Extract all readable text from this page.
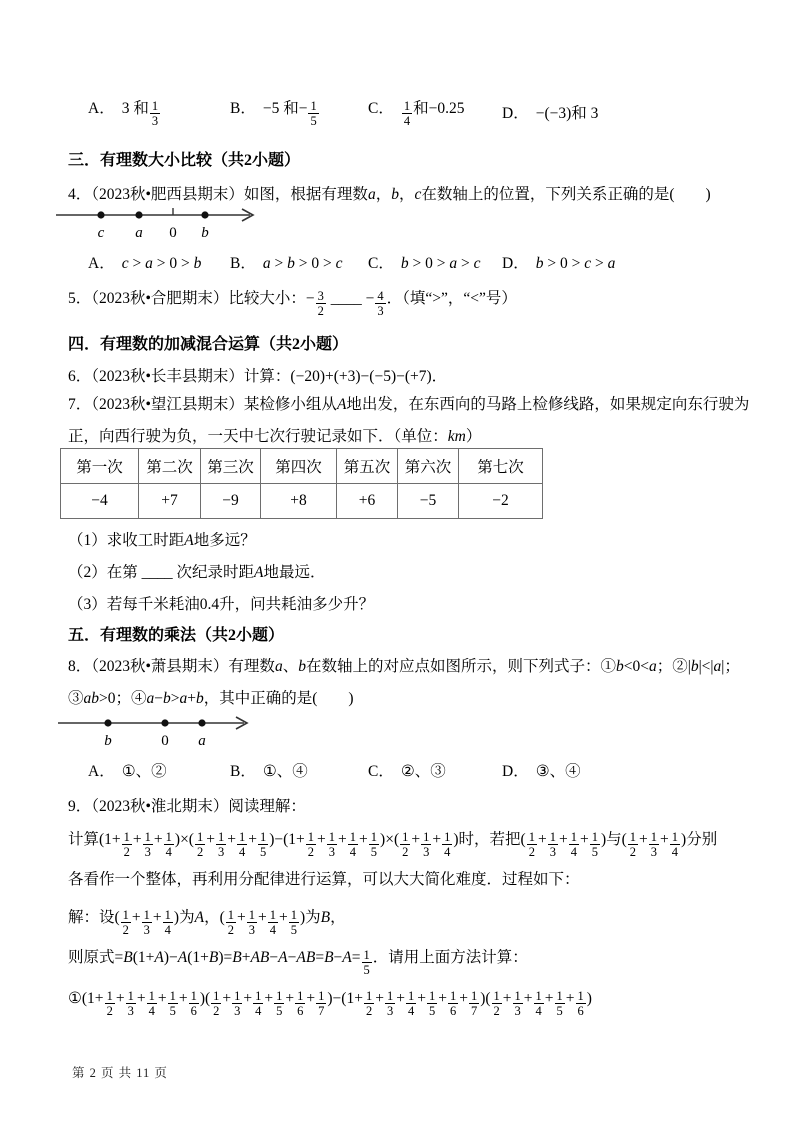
A． 3 和 $\frac{1}{3}$	B． −5 和− $\frac{1}{5}$	C． $\frac{1}{4}$ 和−0.25	D． −(−3)和 3
三．有理数大小比较（共2小题）
4．（2023秋•肥西县期末）如图，根据有理数a，b，c在数轴上的位置，下列关系正确的是(　　)
c a 0 b
A． c > a > 0 > b	B． a > b > 0 > c	C． b > 0 > a > c	D． b > 0 > c > a
5．（2023秋•合肥期末）比较大小：− $\frac{3}{2}$ ____ − $\frac{4}{3}$ ．（填“>”，“<”号）
四．有理数的加减混合运算（共2小题）
6．（2023秋•长丰县期末）计算：(−20)+(+3)−(−5)−(+7)．
7．（2023秋•望江县期末）某检修小组从A地出发，在东西向的马路上检修线路，如果规定向东行驶为正，向西行驶为负，一天中七次行驶记录如下．（单位：km）
第一次	第二次	第三次	第四次	第五次	第六次	第七次
−4	+7	−9	+8	+6	−5	−2
（1）求收工时距A地多远？
（2）在第 ____ 次纪录时距A地最远．
（3）若每千米耗油0.4升，问共耗油多少升？
五．有理数的乘法（共2小题）
8．（2023秋•萧县期末）有理数a、b在数轴上的对应点如图所示，则下列式子：①b<0<a；②|b|<|a|；③ab>0；④a−b>a+b，其中正确的是(　　)
b	0 a
A． ①、②	B． ①、④	C． ②、③	D． ③、④
9．（2023秋•淮北期末）阅读理解：
计算($1+ \frac{1}{2} + \frac{1}{3} + \frac{1}{4}$ )×( $\frac{1}{2} + \frac{1}{3} + \frac{1}{4} + \frac{1}{5} )-(1+ \frac{1}{2} + \frac{1}{3} + \frac{1}{4} + \frac{1}{5}$ )×( $\frac{1}{2} + \frac{1}{3} + \frac{1}{4}$ )时，若把( $\frac{1}{2} + \frac{1}{3} + \frac{1}{4} + \frac{1}{5}$ )与( $\frac{1}{2} + \frac{1}{3} + \frac{1}{4}$ )分别
各看作一个整体，再利用分配律进行运算，可以大大简化难度．过程如下：
解：设( $\frac{1}{2} + \frac{1}{3} + \frac{1}{4}$ )为A，( $\frac{1}{2} + \frac{1}{3} + \frac{1}{4} + \frac{1}{5}$ )为B，
则原式$=B(1+A)-A(1+B)=B+AB-A-AB=B-A= \frac{1}{5}$ ．请用上面方法计算：
①(1+ $\frac{1}{2} + \frac{1}{3} + \frac{1}{4} + \frac{1}{5} + \frac{1}{6}$ )( $\frac{1}{2} + \frac{1}{3} + \frac{1}{4} + \frac{1}{5} + \frac{1}{6} + \frac{1}{7} )-(1+ \frac{1}{2} + \frac{1}{3} + \frac{1}{4} + \frac{1}{5} + \frac{1}{6} + \frac{1}{7}$ )( $\frac{1}{2} + \frac{1}{3} + \frac{1}{4} + \frac{1}{5} + \frac{1}{6}$ )
第 2 页 共 11 页
